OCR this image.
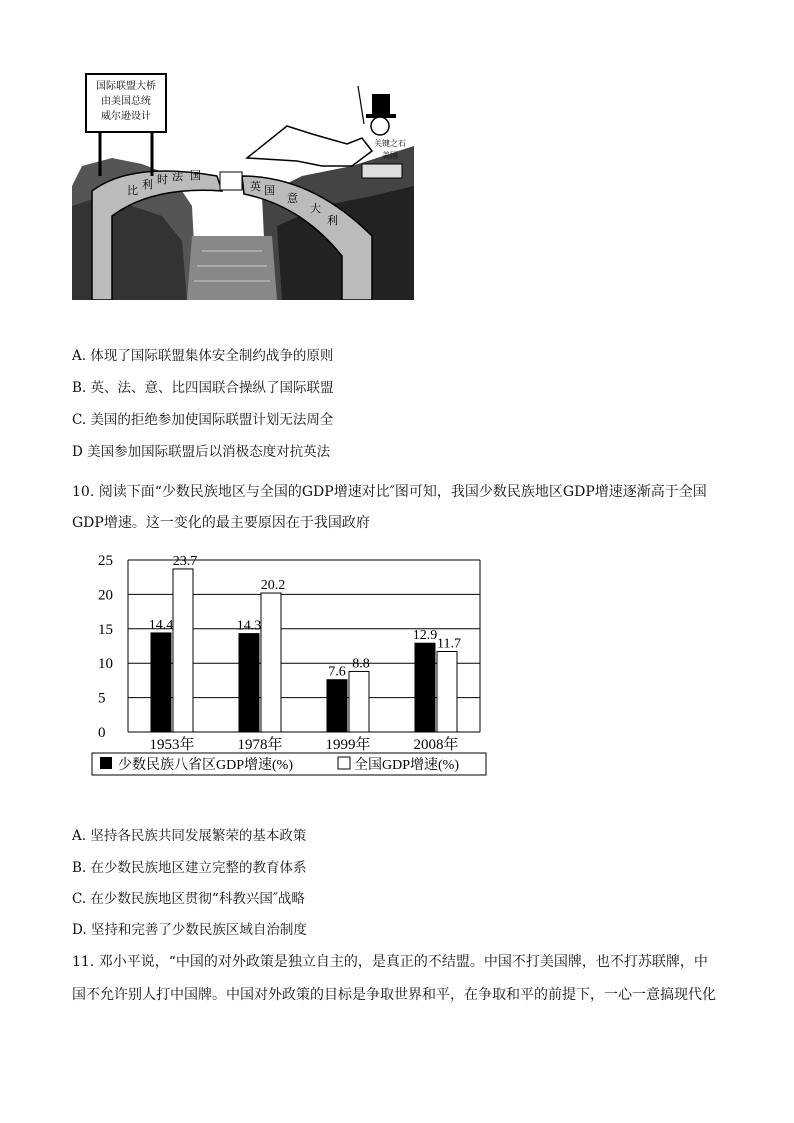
国际联盟大桥
由美国总统
威尔逊设计
比 利 时 法 国
英 国
意
大
利
关键之石
美国
A. 体现了国际联盟集体安全制约战争的原则
B. 英、法、意、比四国联合操纵了国际联盟
C. 美国的拒绝参加使国际联盟计划无法周全
D 美国参加国际联盟后以消极态度对抗英法
10. 阅读下面“少数民族地区与全国的GDP增速对比″图可知，我国少数民族地区GDP增速逐渐高于全国
GDP增速。这一变化的最主要原因在于我国政府
14.4
23.7
14.3
20.2
7.6
8.8
12.9
11.7
0
5
10
15
20
25
1953年	1978年	1999年	2008年
少数民族八省区GDP增速(%)	全国GDP增速(%)
A. 坚持各民族共同发展繁荣的基本政策
B. 在少数民族地区建立完整的教育体系
C. 在少数民族地区贯彻“科教兴国″战略
D. 坚持和完善了少数民族区域自治制度
11. 邓小平说，“中国的对外政策是独立自主的，是真正的不结盟。中国不打美国牌，也不打苏联牌，中
国不允许别人打中国牌。中国对外政策的目标是争取世界和平，在争取和平的前提下，一心一意搞现代化
